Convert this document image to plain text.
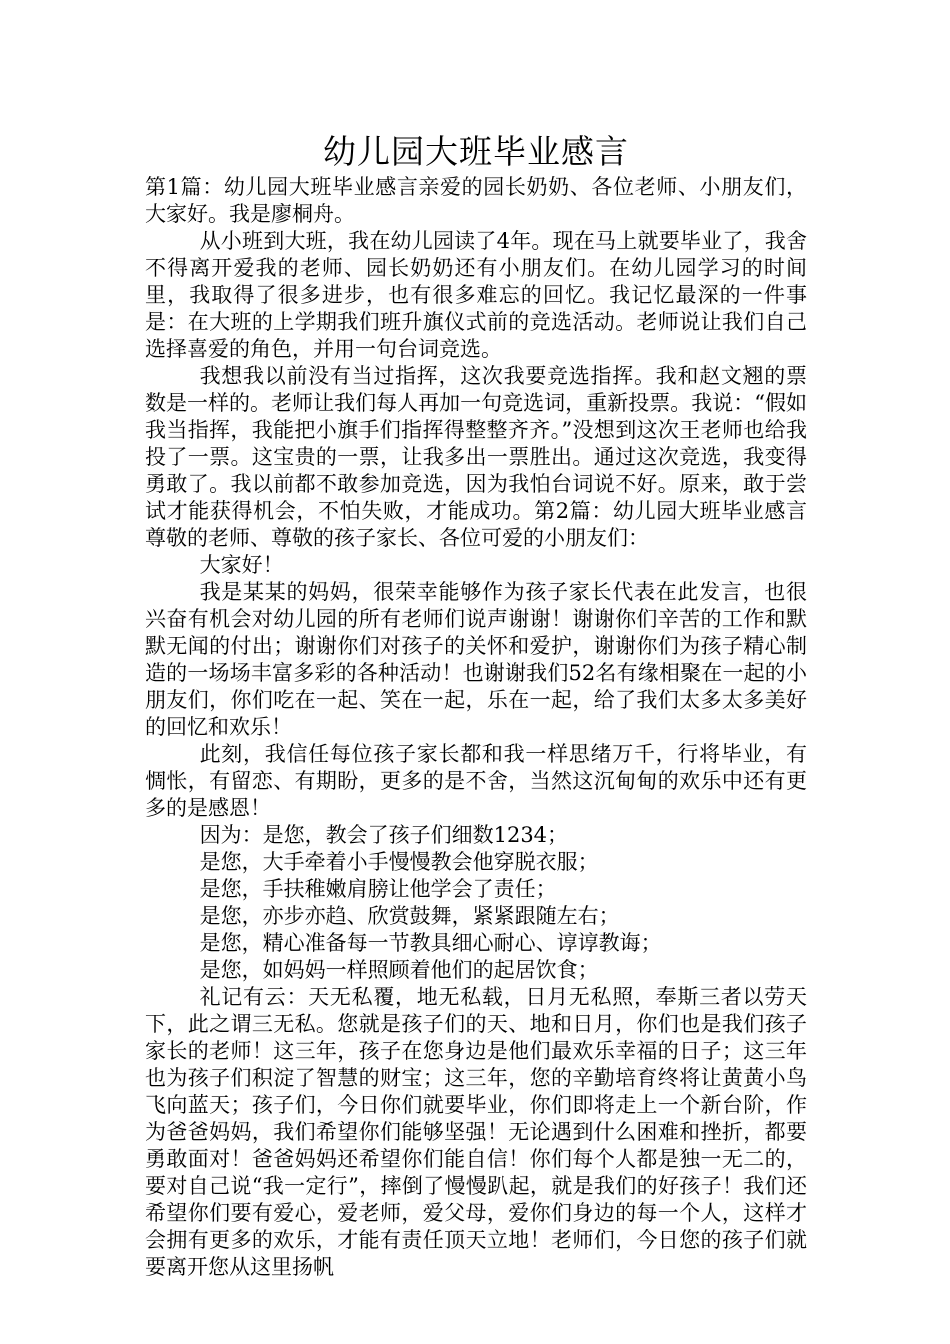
幼儿园大班毕业感言

第1篇：幼儿园大班毕业感言亲爱的园长奶奶、各位老师、小朋友们，大家好。我是廖桐舟。

从小班到大班，我在幼儿园读了4年。现在马上就要毕业了，我舍不得离开爱我的老师、园长奶奶还有小朋友们。在幼儿园学习的时间里，我取得了很多进步，也有很多难忘的回忆。我记忆最深的一件事是：在大班的上学期我们班升旗仪式前的竞选活动。老师说让我们自己选择喜爱的角色，并用一句台词竞选。

我想我以前没有当过指挥，这次我要竞选指挥。我和赵文翘的票数是一样的。老师让我们每人再加一句竞选词，重新投票。我说：“假如我当指挥，我能把小旗手们指挥得整整齐齐。”没想到这次王老师也给我投了一票。这宝贵的一票，让我多出一票胜出。通过这次竞选，我变得勇敢了。我以前都不敢参加竞选，因为我怕台词说不好。原来，敢于尝试才能获得机会，不怕失败，才能成功。第2篇：幼儿园大班毕业感言尊敬的老师、尊敬的孩子家长、各位可爱的小朋友们：

大家好！

我是某某的妈妈，很荣幸能够作为孩子家长代表在此发言，也很兴奋有机会对幼儿园的所有老师们说声谢谢！谢谢你们辛苦的工作和默默无闻的付出；谢谢你们对孩子的关怀和爱护，谢谢你们为孩子精心制造的一场场丰富多彩的各种活动！也谢谢我们52名有缘相聚在一起的小朋友们，你们吃在一起、笑在一起，乐在一起，给了我们太多太多美好的回忆和欢乐！

此刻，我信任每位孩子家长都和我一样思绪万千，行将毕业，有惆怅，有留恋、有期盼，更多的是不舍，当然这沉甸甸的欢乐中还有更多的是感恩！

因为：是您，教会了孩子们细数1234；

是您，大手牵着小手慢慢教会他穿脱衣服；

是您，手扶稚嫩肩膀让他学会了责任；

是您，亦步亦趋、欣赏鼓舞，紧紧跟随左右；

是您，精心准备每一节教具细心耐心、谆谆教诲；

是您，如妈妈一样照顾着他们的起居饮食；

礼记有云：天无私覆，地无私载，日月无私照，奉斯三者以劳天下，此之谓三无私。您就是孩子们的天、地和日月，你们也是我们孩子家长的老师！这三年，孩子在您身边是他们最欢乐幸福的日子；这三年也为孩子们积淀了智慧的财宝；这三年，您的辛勤培育终将让黄黄小鸟飞向蓝天；孩子们，今日你们就要毕业，你们即将走上一个新台阶，作为爸爸妈妈，我们希望你们能够坚强！无论遇到什么困难和挫折，都要勇敢面对！爸爸妈妈还希望你们能自信！你们每个人都是独一无二的，要对自己说“我一定行”，摔倒了慢慢趴起，就是我们的好孩子！我们还希望你们要有爱心，爱老师，爱父母，爱你们身边的每一个人，这样才会拥有更多的欢乐，才能有责任顶天立地！老师们，今日您的孩子们就要离开您从这里扬帆
